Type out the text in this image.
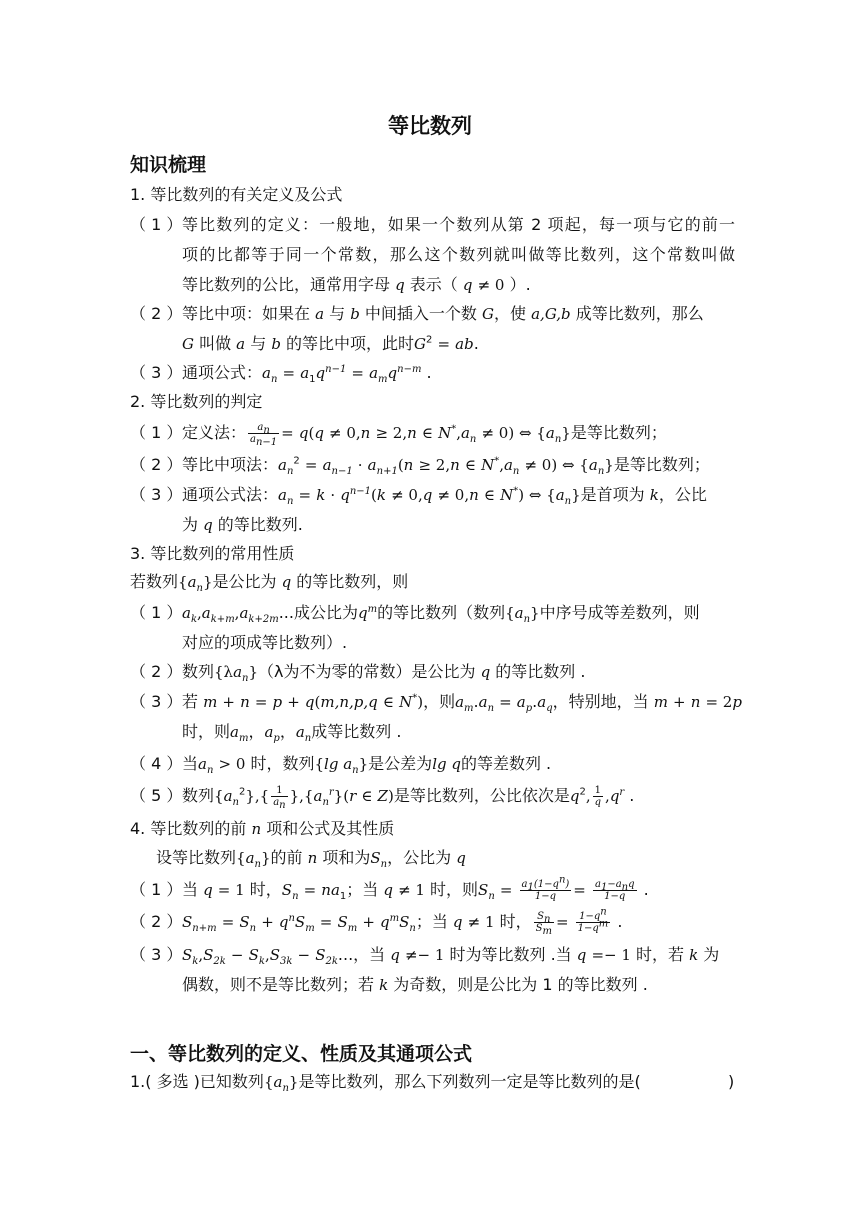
等比数列
知识梳理
1. 等比数列的有关定义及公式
（ 1 ） 等比数列的定义：一般地，如果一个数列从第 2 项起，每一项与它的前一
项的比都等于同一个常数，那么这个数列就叫做等比数列，这个常数叫做
等比数列的公比，通常用字母 q 表示（ q ≠ 0 ）.
（ 2 ） 等比中项：如果在 a 与 b 中间插入一个数 G，使 a,G,b 成等比数列，那么
G 叫做 a 与 b 的等比中项，此时$G^2$ = ab.
（ 3 ） 通项公式：$a_n = a_1q^{n-1} = a_mq^{n-m}$ .
2. 等比数列的判定
（ 1 ） 定义法： $\frac{a_n}{a_{n-1}} = q(q \ne 0,n \ge 2,n$ ∈ $N^*,a_n \ne 0$) ⇔ $\{a_n\}$是等比数列；
（ 2 ） 等比中项法：$a_n^2 = a_{n-1} \cdot a_{n+1}(n \ge 2,n$ ∈ $N^*,a_n \ne 0$) ⇔ $\{a_n\}$是等比数列；
（ 3 ） 通项公式法：$a_n = k \cdot q^{n-1}(k \ne 0,q \ne 0,n$ ∈ N*) ⇔ $\{a_n\}$是首项为 k，公比
为 q 的等比数列.
3. 等比数列的常用性质
若数列$\{a_n\}$是公比为 q 的等比数列，则
（ 1 ） $a_k,a_{k+m},a_{k+2m}$...成公比为$q^m$的等比数列（数列$\{a_n\}$中序号成等差数列，则
对应的项成等比数列）.
（ 2 ） 数列$\{\lambda a_n\}(\lambda$为不为零的常数）是公比为 q 的等比数列 .
（ 3 ） 若 m + n = p + q(m,n,p,q ∈ N*)，则$a_m.a_n = a_p.a_q$，特别地，当 m + n = 2p
时，则$a_m$，$a_p$，$a_n$成等比数列 .
（ 4 ） 当$a_n > 0$ 时，数列{lg $a_n$}是公差为lg q的等差数列 .
（ 5 ） 数列$\{a_n^2\},\{ \frac{1}{a_n} \},\{a_n^r\}(r$ ∈ Z)是等比数列，公比依次是$q^2$, $\frac{1}{q} ,q^r$ .
4. 等比数列的前 n 项和公式及其性质
设等比数列$\{a_n\}$的前 n 项和为$S_n$，公比为 q
（ 1 ） 当 q = 1 时，$S_n = na_1$；当 q ≠ 1 时，则$S_n = \frac{a_1(1-q^n)}{1-q} = \frac{a_1-a_nq}{1-q}$ .
（ 2 ） $S_{n+m} = S_n + q^nS_m = S_m + q^mS_n$；当 q ≠ 1 时， $\frac{S_n}{S_m} = \frac{1-q^n}{1-q^m}$ .
（ 3 ） $S_k,S_{2k} - S_k,S_{3k} - S_{2k}$...，当 q ≠− 1 时为等比数列 .当 q =− 1 时，若 k 为
偶数，则不是等比数列；若 k 为奇数，则是公比为 1 的等比数列 .
一、等比数列的定义、性质及其通项公式
1.( 多选 )已知数列$\{a_n\}$是等比数列，那么下列数列一定是等比数列的是(	)
